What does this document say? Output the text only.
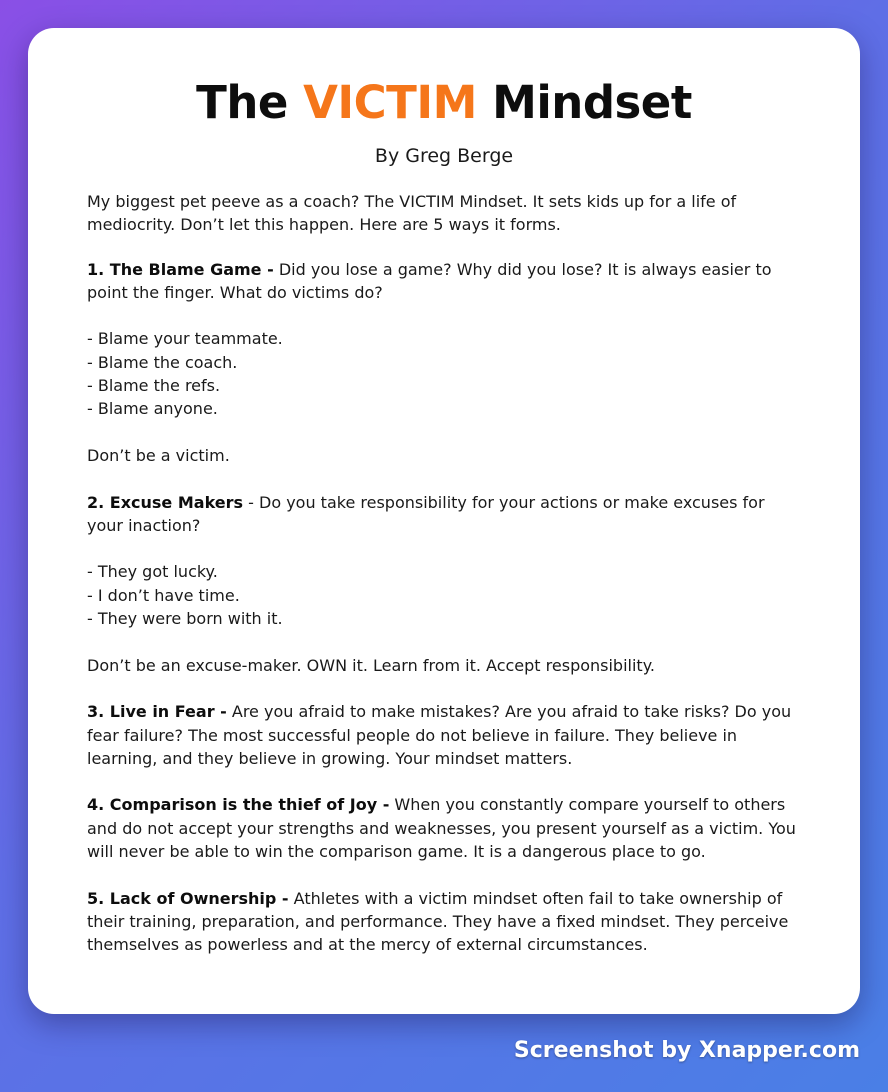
The VICTIM Mindset

By Greg Berge

My biggest pet peeve as a coach? The VICTIM Mindset. It sets kids up for a life of mediocrity. Don’t let this happen. Here are 5 ways it forms.

1. The Blame Game - Did you lose a game? Why did you lose? It is always easier to point the finger. What do victims do?

- Blame your teammate.

- Blame the coach.

- Blame the refs.

- Blame anyone.

Don’t be a victim.

2. Excuse Makers - Do you take responsibility for your actions or make excuses for your inaction?

- They got lucky.

- I don’t have time.

- They were born with it.

Don’t be an excuse-maker. OWN it. Learn from it. Accept responsibility.

3. Live in Fear - Are you afraid to make mistakes? Are you afraid to take risks? Do you fear failure? The most successful people do not believe in failure. They believe in learning, and they believe in growing. Your mindset matters.

4. Comparison is the thief of Joy - When you constantly compare yourself to others and do not accept your strengths and weaknesses, you present yourself as a victim. You will never be able to win the comparison game. It is a dangerous place to go.

5. Lack of Ownership - Athletes with a victim mindset often fail to take ownership of their training, preparation, and performance. They have a fixed mindset. They perceive themselves as powerless and at the mercy of external circumstances.

Screenshot by Xnapper.com
